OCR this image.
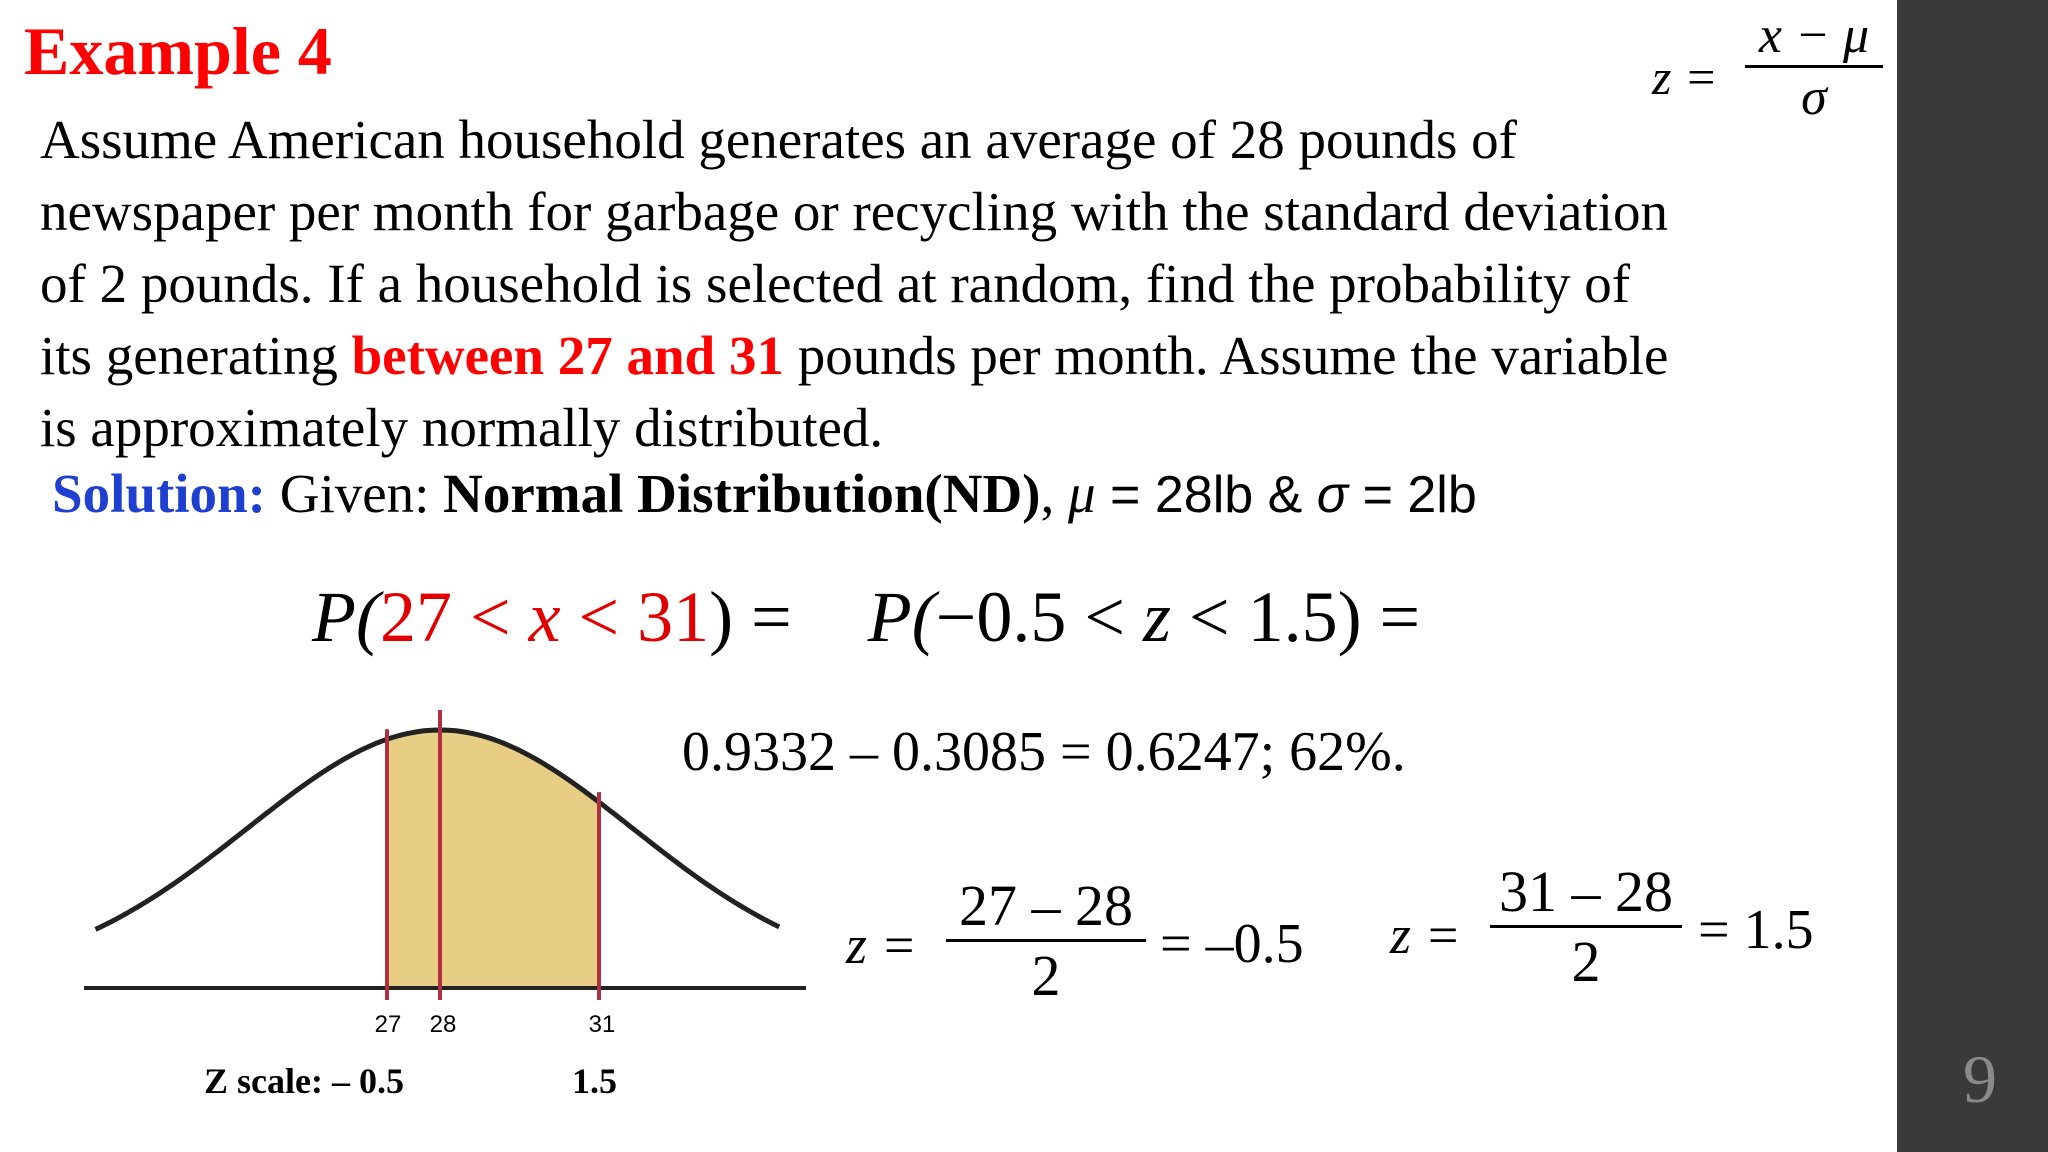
9
Example 4	z =
x − μ
σ
Assume American household generates an average of 28 pounds of
newspaper per month for garbage or recycling with the standard deviation
of 2 pounds. If a household is selected at random, find the probability of
its generating between 27 and 31 pounds per month. Assume the variable
is approximately normally distributed.
Solution: Given: Normal Distribution(ND), μ = 28lb & σ = 2lb
P(27 < x < 31) = P(−0.5 < z < 1.5) =
0.9332 – 0.3085 = 0.6247; 62%.
z =
27 – 28
2	= –0.5 z =
31 – 28
2	= 1.5
27 28	31
Z scale: – 0.5	1.5
